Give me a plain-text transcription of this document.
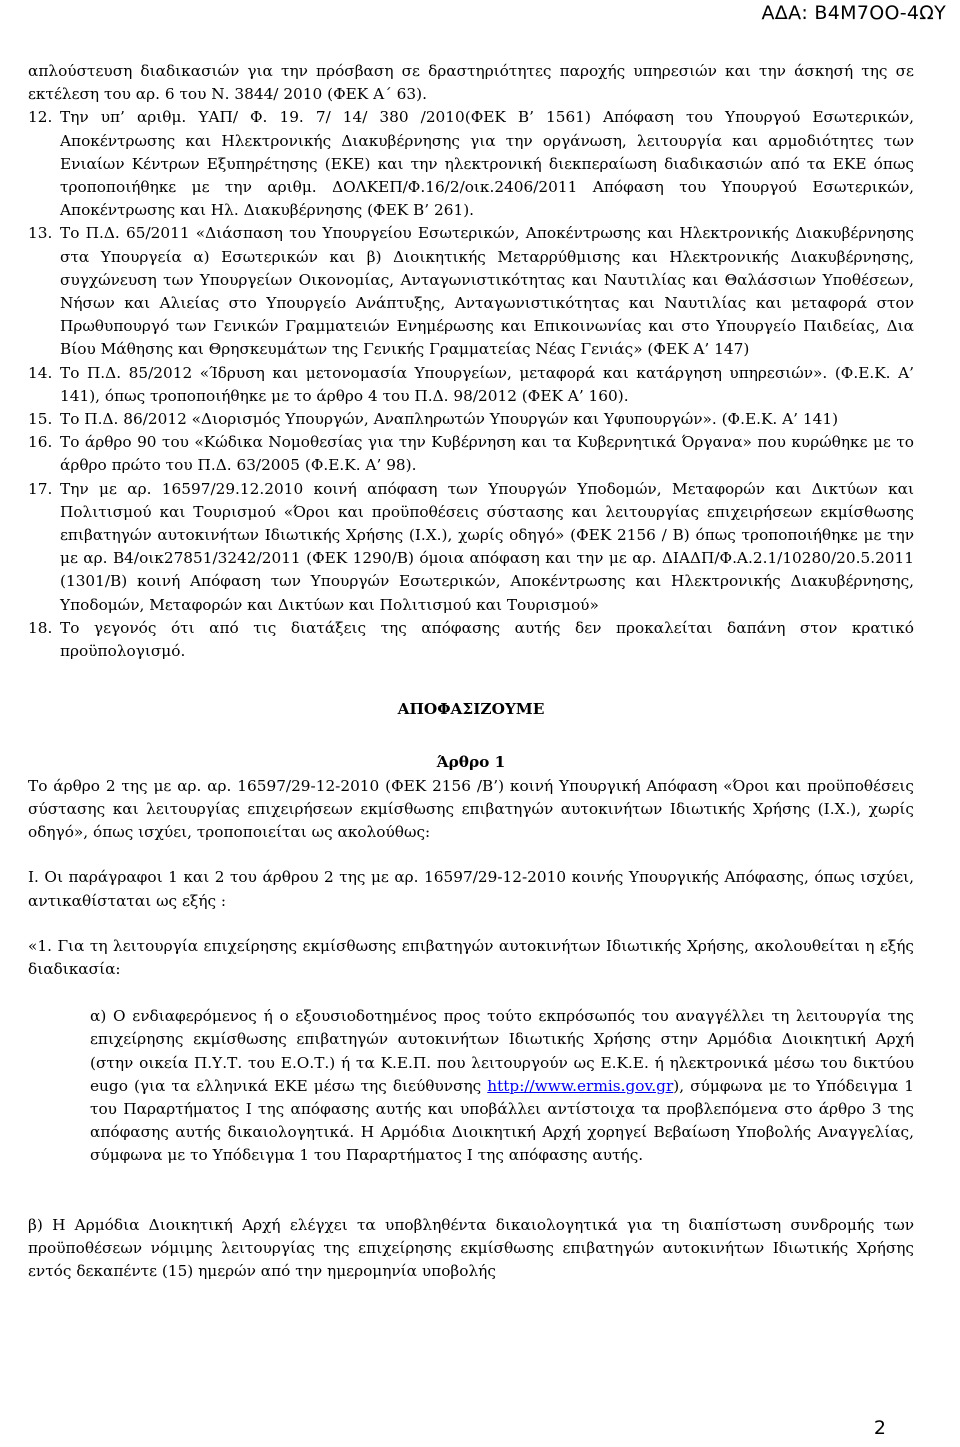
ΑΔΑ: Β4Μ7ΟΟ-4ΩΥ

απλούστευση διαδικασιών για την πρόσβαση σε δραστηριότητες παροχής υπηρεσιών και την άσκησή της σε εκτέλεση του αρ. 6 του Ν. 3844/ 2010 (ΦΕΚ Α΄ 63).

12. Την υπ’ αριθμ. ΥΑΠ/ Φ. 19. 7/ 14/ 380 /2010(ΦΕΚ Β’ 1561) Απόφαση του Υπουργού Εσωτερικών, Αποκέντρωσης και Ηλεκτρονικής Διακυβέρνησης για την οργάνωση, λειτουργία και αρμοδιότητες των Ενιαίων Κέντρων Εξυπηρέτησης (ΕΚΕ) και την ηλεκτρονική διεκπεραίωση διαδικασιών από τα ΕΚΕ όπως τροποποιήθηκε με την αριθμ. ΔΟΛΚΕΠ/Φ.16/2/οικ.2406/2011 Απόφαση του Υπουργού Εσωτερικών, Αποκέντρωσης και Ηλ. Διακυβέρνησης (ΦΕΚ Β’ 261).
13. Το Π.Δ. 65/2011 «Διάσπαση του Υπουργείου Εσωτερικών, Αποκέντρωσης και Ηλεκτρονικής Διακυβέρνησης στα Υπουργεία α) Εσωτερικών και β) Διοικητικής Μεταρρύθμισης και Ηλεκτρονικής Διακυβέρνησης, συγχώνευση των Υπουργείων Οικονομίας, Ανταγωνιστικότητας και Ναυτιλίας και Θαλάσσιων Υποθέσεων, Νήσων και Αλιείας στο Υπουργείο Ανάπτυξης, Ανταγωνιστικότητας και Ναυτιλίας και μεταφορά στον Πρωθυπουργό των Γενικών Γραμματειών Ενημέρωσης και Επικοινωνίας και στο Υπουργείο Παιδείας, Δια Βίου Μάθησης και Θρησκευμάτων της Γενικής Γραμματείας Νέας Γενιάς» (ΦΕΚ Α’ 147)
14. Το Π.Δ. 85/2012 «Ίδρυση και μετονομασία Υπουργείων, μεταφορά και κατάργηση υπηρεσιών». (Φ.Ε.Κ. Α’ 141), όπως τροποποιήθηκε με το άρθρο 4 του Π.Δ. 98/2012 (ΦΕΚ Α’ 160).
15. Το Π.Δ. 86/2012 «Διορισμός Υπουργών, Αναπληρωτών Υπουργών και Υφυπουργών». (Φ.Ε.Κ. Α’ 141)
16. Το άρθρο 90 του «Κώδικα Νομοθεσίας για την Κυβέρνηση και τα Κυβερνητικά Όργανα» που κυρώθηκε με το άρθρο πρώτο του Π.Δ. 63/2005 (Φ.Ε.Κ. Α’ 98).
17. Την με αρ. 16597/29.12.2010 κοινή απόφαση των Υπουργών Υποδομών, Μεταφορών και Δικτύων και Πολιτισμού και Τουρισμού «Όροι και προϋποθέσεις σύστασης και λειτουργίας επιχειρήσεων εκμίσθωσης επιβατηγών αυτοκινήτων Ιδιωτικής Χρήσης (Ι.Χ.), χωρίς οδηγό» (ΦΕΚ 2156 / Β) όπως τροποποιήθηκε με την με αρ. Β4/οικ27851/3242/2011 (ΦΕΚ 1290/Β) όμοια απόφαση και την με αρ. ΔΙΑΔΠ/Φ.Α.2.1/10280/20.5.2011 (1301/Β) κοινή Απόφαση των Υπουργών Εσωτερικών, Αποκέντρωσης και Ηλεκτρονικής Διακυβέρνησης, Υποδομών, Μεταφορών και Δικτύων και Πολιτισμού και Τουρισμού»
18. Το γεγονός ότι από τις διατάξεις της απόφασης αυτής δεν προκαλείται δαπάνη στον κρατικό προϋπολογισμό.

ΑΠΟΦΑΣΙΖΟΥΜΕ

Άρθρο 1

Το άρθρο 2 της με αρ. αρ. 16597/29-12-2010 (ΦΕΚ 2156 /Β’) κοινή Υπουργική Απόφαση «Όροι και προϋποθέσεις σύστασης και λειτουργίας επιχειρήσεων εκμίσθωσης επιβατηγών αυτοκινήτων Ιδιωτικής Χρήσης (Ι.Χ.), χωρίς οδηγό», όπως ισχύει, τροποποιείται ως ακολούθως:

Ι. Οι παράγραφοι 1 και 2 του άρθρου 2 της με αρ. 16597/29-12-2010 κοινής Υπουργικής Απόφασης, όπως ισχύει, αντικαθίσταται ως εξής :

«1. Για τη λειτουργία επιχείρησης εκμίσθωσης επιβατηγών αυτοκινήτων Ιδιωτικής Χρήσης, ακολουθείται η εξής διαδικασία:

α) Ο ενδιαφερόμενος ή ο εξουσιοδοτημένος προς τούτο εκπρόσωπός του αναγγέλλει τη λειτουργία της επιχείρησης εκμίσθωσης επιβατηγών αυτοκινήτων Ιδιωτικής Χρήσης στην Αρμόδια Διοικητική Αρχή (στην οικεία Π.Υ.Τ. του Ε.Ο.Τ.) ή τα Κ.Ε.Π. που λειτουργούν ως Ε.Κ.Ε. ή ηλεκτρονικά μέσω του δικτύου eugo (για τα ελληνικά ΕΚΕ μέσω της διεύθυνσης http://www.ermis.gov.gr), σύμφωνα με το Υπόδειγμα 1 του Παραρτήματος Ι της απόφασης αυτής και υποβάλλει αντίστοιχα τα προβλεπόμενα στο άρθρο 3 της απόφασης αυτής δικαιολογητικά. Η Αρμόδια Διοικητική Αρχή χορηγεί Βεβαίωση Υποβολής Αναγγελίας, σύμφωνα με το Υπόδειγμα 1 του Παραρτήματος Ι της απόφασης αυτής.

β) Η Αρμόδια Διοικητική Αρχή ελέγχει τα υποβληθέντα δικαιολογητικά για τη διαπίστωση συνδρομής των προϋποθέσεων νόμιμης λειτουργίας της επιχείρησης εκμίσθωσης επιβατηγών αυτοκινήτων Ιδιωτικής Χρήσης εντός δεκαπέντε (15) ημερών από την ημερομηνία υποβολής

2
